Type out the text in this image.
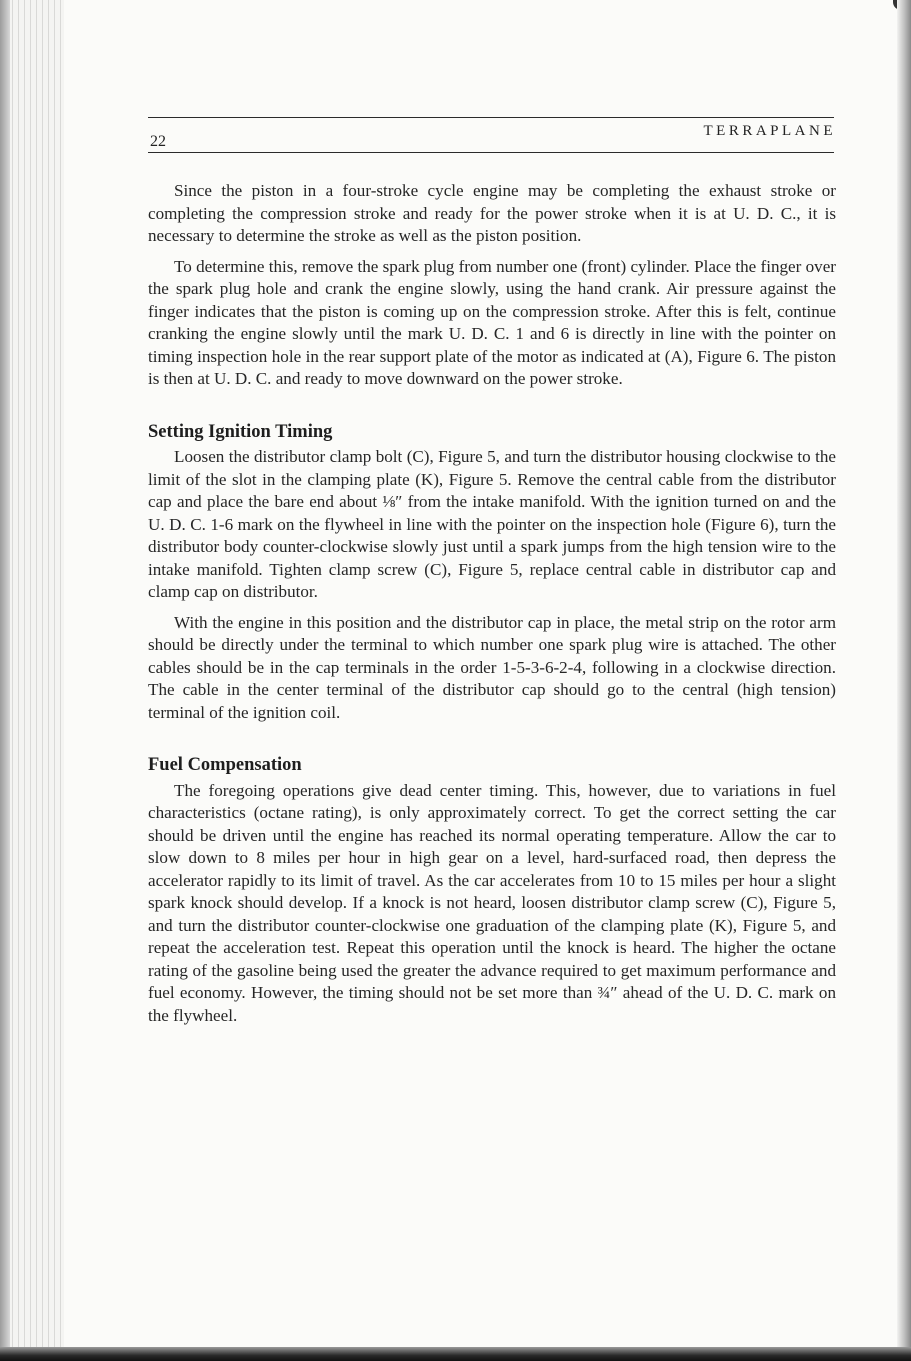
22
TERRAPLANE

Since the piston in a four-stroke cycle engine may be completing the exhaust stroke or completing the compression stroke and ready for the power stroke when it is at U. D. C., it is necessary to determine the stroke as well as the piston position.

To determine this, remove the spark plug from number one (front) cylinder. Place the finger over the spark plug hole and crank the engine slowly, using the hand crank. Air pressure against the finger indicates that the piston is coming up on the compression stroke. After this is felt, continue cranking the engine slowly until the mark U. D. C. 1 and 6 is directly in line with the pointer on timing inspection hole in the rear support plate of the motor as indicated at (A), Figure 6. The piston is then at U. D. C. and ready to move downward on the power stroke.

Setting Ignition Timing

Loosen the distributor clamp bolt (C), Figure 5, and turn the distributor housing clockwise to the limit of the slot in the clamping plate (K), Figure 5. Remove the central cable from the distributor cap and place the bare end about ⅛″ from the intake manifold. With the ignition turned on and the U. D. C. 1-6 mark on the flywheel in line with the pointer on the inspection hole (Figure 6), turn the distributor body counter-clockwise slowly just until a spark jumps from the high tension wire to the intake manifold. Tighten clamp screw (C), Figure 5, replace central cable in distributor cap and clamp cap on distributor.

With the engine in this position and the distributor cap in place, the metal strip on the rotor arm should be directly under the terminal to which number one spark plug wire is attached. The other cables should be in the cap terminals in the order 1-5-3-6-2-4, following in a clockwise direction. The cable in the center terminal of the distributor cap should go to the central (high tension) terminal of the ignition coil.

Fuel Compensation

The foregoing operations give dead center timing. This, however, due to variations in fuel characteristics (octane rating), is only approximately correct. To get the correct setting the car should be driven until the engine has reached its normal operating temperature. Allow the car to slow down to 8 miles per hour in high gear on a level, hard-surfaced road, then depress the accelerator rapidly to its limit of travel. As the car accelerates from 10 to 15 miles per hour a slight spark knock should develop. If a knock is not heard, loosen distributor clamp screw (C), Figure 5, and turn the distributor counter-clockwise one graduation of the clamping plate (K), Figure 5, and repeat the acceleration test. Repeat this operation until the knock is heard. The higher the octane rating of the gasoline being used the greater the advance required to get maximum performance and fuel economy. However, the timing should not be set more than ¾″ ahead of the U. D. C. mark on the flywheel.
